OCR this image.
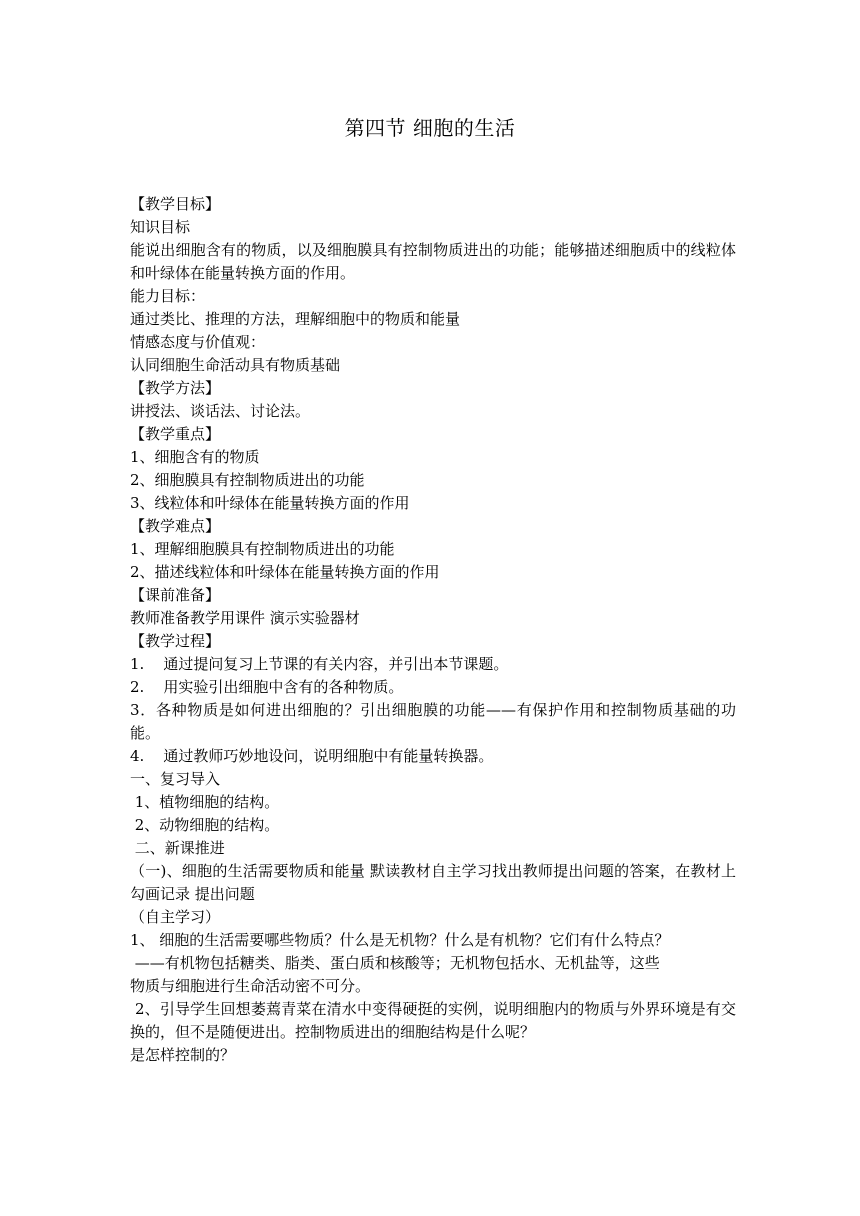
第四节 细胞的生活
【教学目标】
知识目标
能说出细胞含有的物质，以及细胞膜具有控制物质进出的功能；能够描述细胞质中的线粒体和叶绿体在能量转换方面的作用。
能力目标：
通过类比、推理的方法，理解细胞中的物质和能量
情感态度与价值观：
认同细胞生命活动具有物质基础
【教学方法】
讲授法、谈话法、讨论法。
【教学重点】
1、细胞含有的物质
2、细胞膜具有控制物质进出的功能
3、线粒体和叶绿体在能量转换方面的作用
【教学难点】
1、理解细胞膜具有控制物质进出的功能
2、描述线粒体和叶绿体在能量转换方面的作用
【课前准备】
教师准备教学用课件 演示实验器材
【教学过程】
1.    通过提问复习上节课的有关内容，并引出本节课题。
2.    用实验引出细胞中含有的各种物质。
3．各种物质是如何进出细胞的？引出细胞膜的功能——有保护作用和控制物质基础的功能。
4.    通过教师巧妙地设问，说明细胞中有能量转换器。
一、复习导入
1、植物细胞的结构。
2、动物细胞的结构。
二、新课推进
（一)、细胞的生活需要物质和能量 默读教材自主学习找出教师提出问题的答案，在教材上勾画记录 提出问题
（自主学习）
1、 细胞的生活需要哪些物质？什么是无机物？什么是有机物？它们有什么特点？
——有机物包括糖类、脂类、蛋白质和核酸等；无机物包括水、无机盐等，这些
物质与细胞进行生命活动密不可分。
2、引导学生回想萎蔫青菜在清水中变得硬挺的实例，说明细胞内的物质与外界环境是有交换的，但不是随便进出。控制物质进出的细胞结构是什么呢？
是怎样控制的？
